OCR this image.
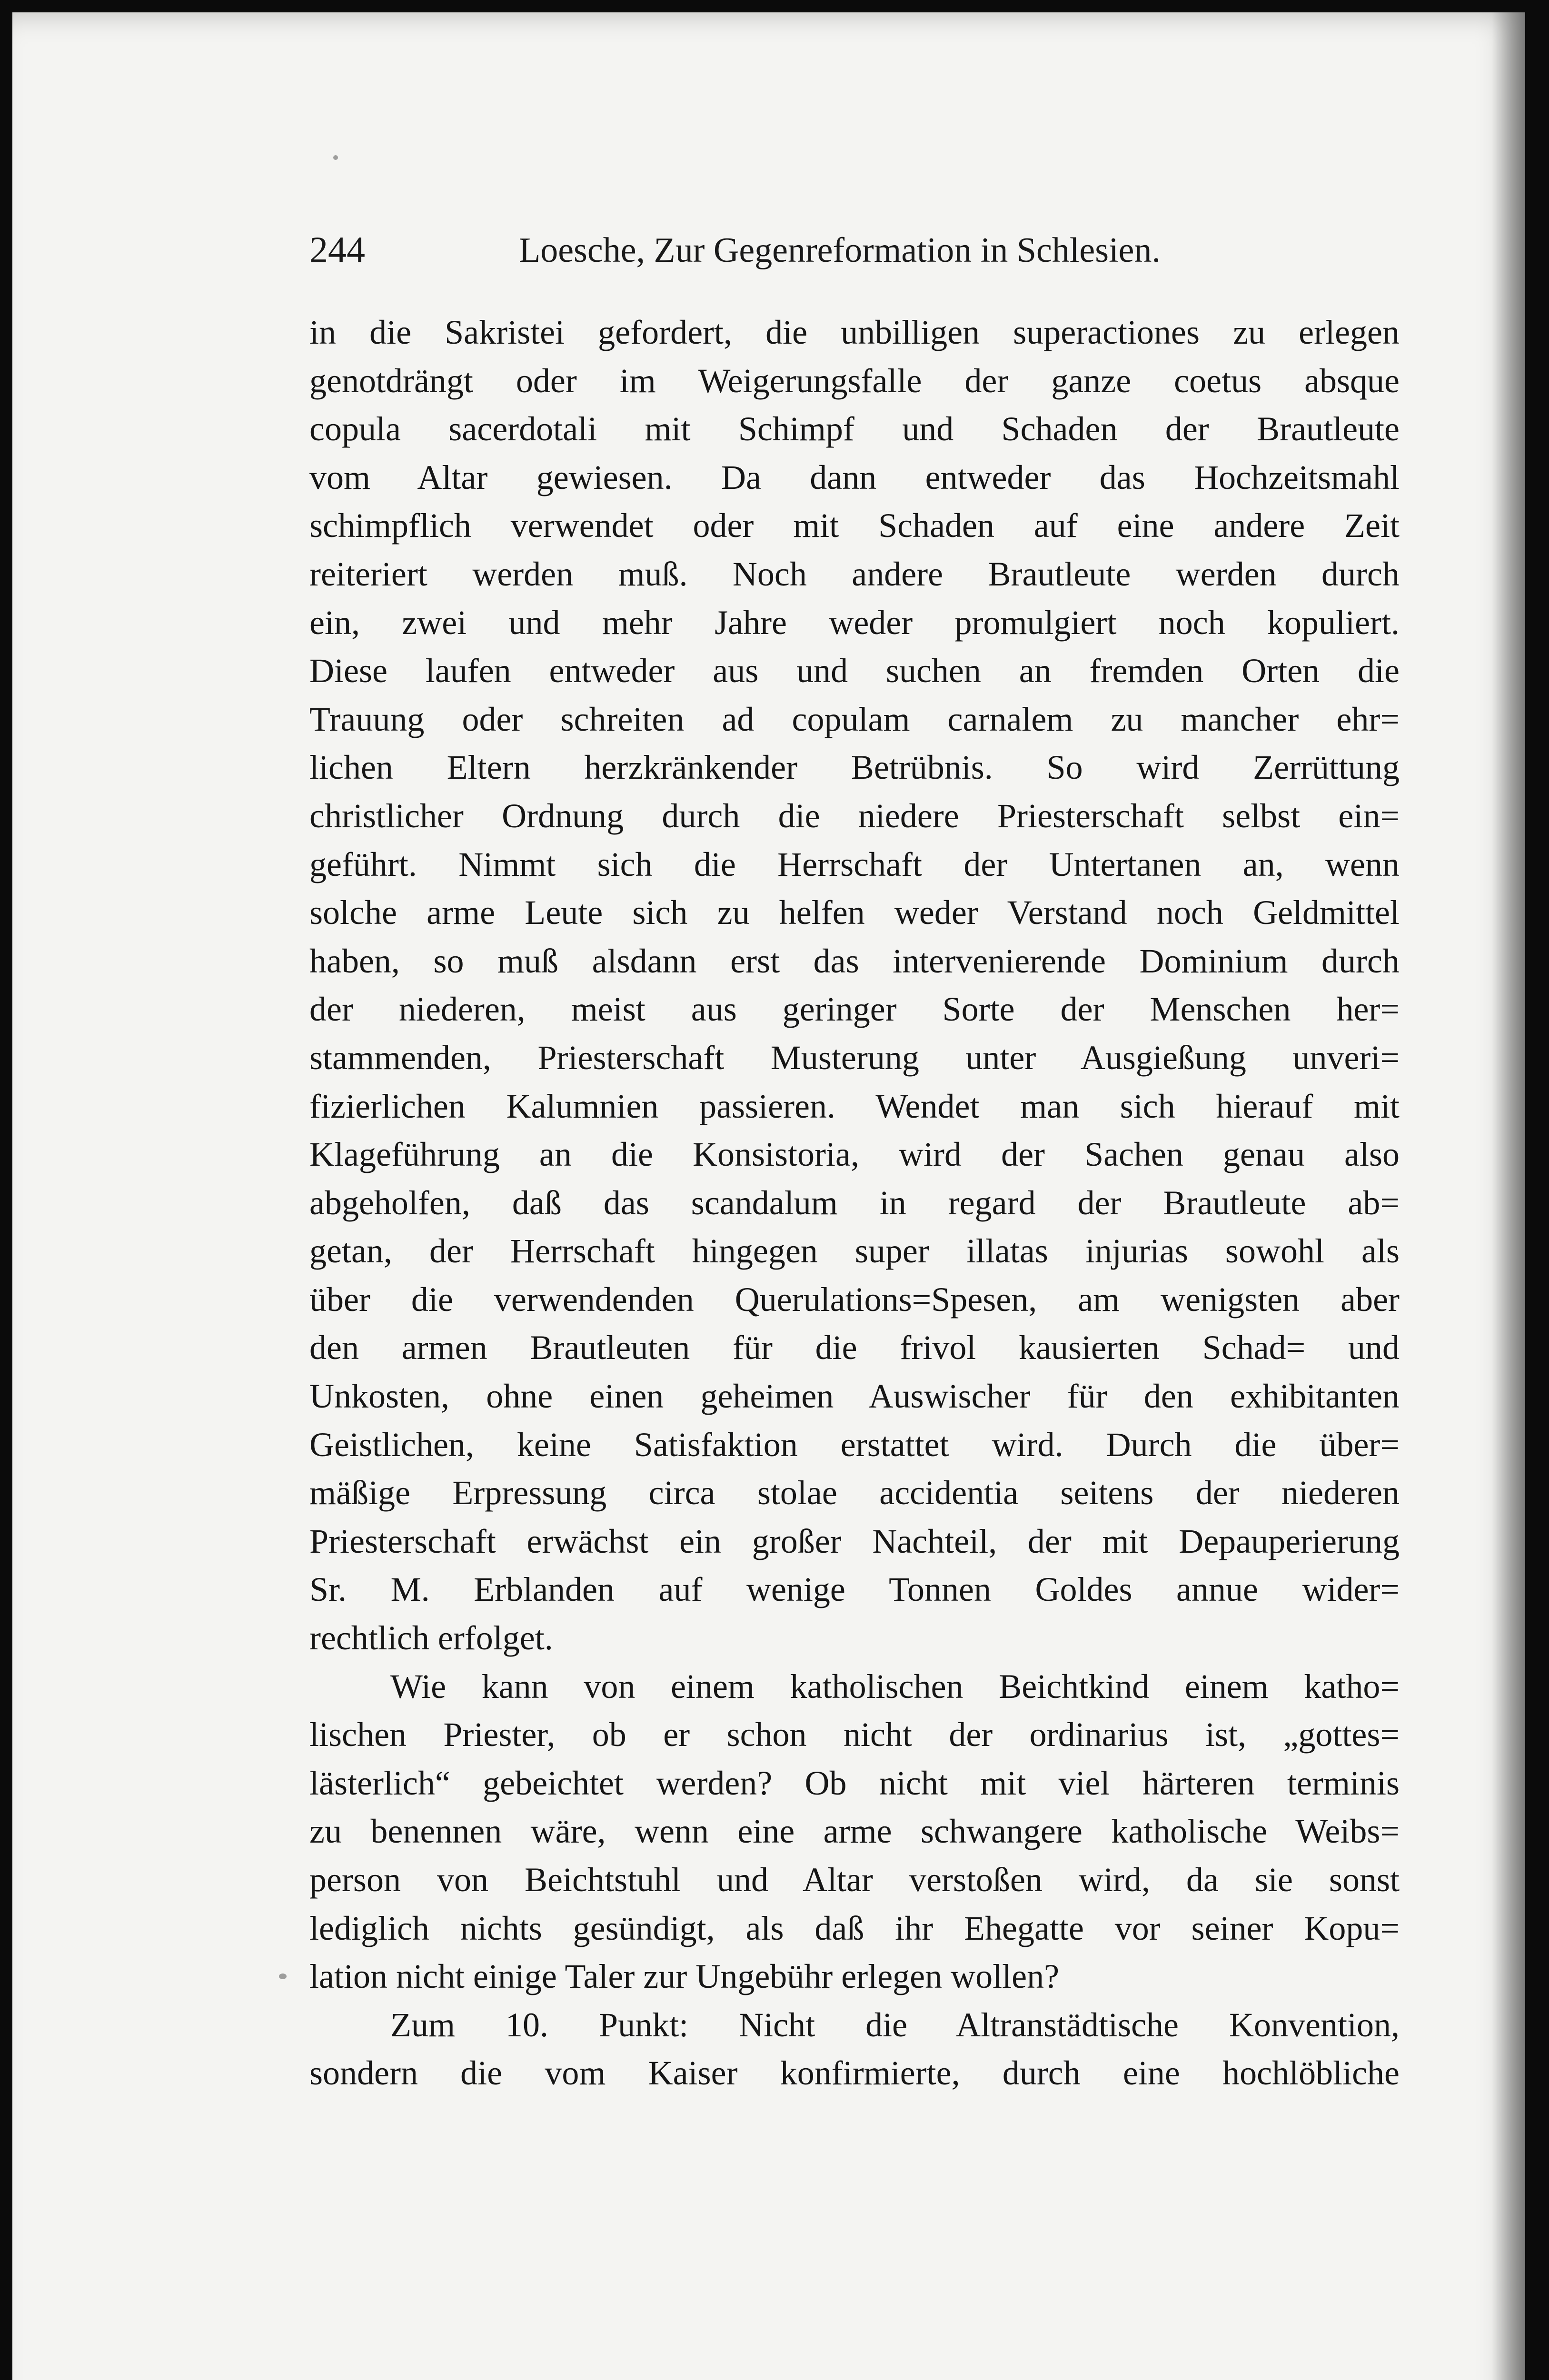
244	Loesche, Zur Gegenreformation in Schlesien.
in die Sakristei gefordert, die unbilligen superactiones zu erlegen
genotdrängt oder im Weigerungsfalle der ganze coetus absque
copula sacerdotali mit Schimpf und Schaden der Brautleute
vom Altar gewiesen. Da dann entweder das Hochzeitsmahl
schimpflich verwendet oder mit Schaden auf eine andere Zeit
reiteriert werden muß. Noch andere Brautleute werden durch
ein, zwei und mehr Jahre weder promulgiert noch kopuliert.
Diese laufen entweder aus und suchen an fremden Orten die
Trauung oder schreiten ad copulam carnalem zu mancher ehr=
lichen Eltern herzkränkender Betrübnis. So wird Zerrüttung
christlicher Ordnung durch die niedere Priesterschaft selbst ein=
geführt. Nimmt sich die Herrschaft der Untertanen an, wenn
solche arme Leute sich zu helfen weder Verstand noch Geldmittel
haben, so muß alsdann erst das intervenierende Dominium durch
der niederen, meist aus geringer Sorte der Menschen her=
stammenden, Priesterschaft Musterung unter Ausgießung unveri=
fizierlichen Kalumnien passieren. Wendet man sich hierauf mit
Klageführung an die Konsistoria, wird der Sachen genau also
abgeholfen, daß das scandalum in regard der Brautleute ab=
getan, der Herrschaft hingegen super illatas injurias sowohl als
über die verwendenden Querulations=Spesen, am wenigsten aber
den armen Brautleuten für die frivol kausierten Schad= und
Unkosten, ohne einen geheimen Auswischer für den exhibitanten
Geistlichen, keine Satisfaktion erstattet wird. Durch die über=
mäßige Erpressung circa stolae accidentia seitens der niederen
Priesterschaft erwächst ein großer Nachteil, der mit Depauperierung
Sr. M. Erblanden auf wenige Tonnen Goldes annue wider=
rechtlich erfolget.
Wie kann von einem katholischen Beichtkind einem katho=
lischen Priester, ob er schon nicht der ordinarius ist, „gottes=
lästerlich“ gebeichtet werden? Ob nicht mit viel härteren terminis
zu benennen wäre, wenn eine arme schwangere katholische Weibs=
person von Beichtstuhl und Altar verstoßen wird, da sie sonst
lediglich nichts gesündigt, als daß ihr Ehegatte vor seiner Kopu=
lation nicht einige Taler zur Ungebühr erlegen wollen?
Zum 10. Punkt: Nicht die Altranstädtische Konvention,
sondern die vom Kaiser konfirmierte, durch eine hochlöbliche
